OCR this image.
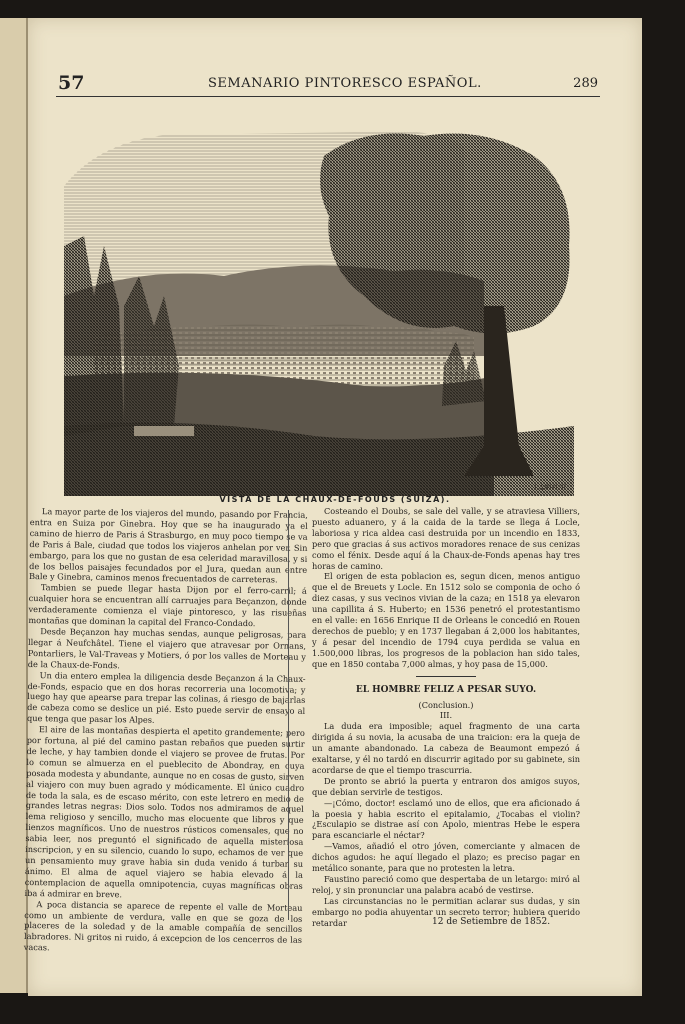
57	SEMANARIO PINTORESCO ESPAÑOL.	289
LARHUE
VISTA DE LA CHAUX-DE-FOUDS (SUIZA).

La mayor parte de los viajeros del mundo, pasando por Francia, entra en Suiza por Ginebra. Hoy que se ha inaugurado ya el camino de hierro de Paris á Strasburgo, en muy poco tiempo se va de Paris á Bale, ciudad que todos los viajeros anhelan por ver. Sin embargo, para los que no gustan de esa celeridad maravillosa, y si de los bellos paisajes fecundados por el Jura, quedan aun entre Bale y Ginebra, caminos menos frecuentados de carreteras.

Tambien se puede llegar hasta Dijon por el ferro-carril; á cualquier hora se encuentran allí carruajes para Beçanzon, donde verdaderamente comienza el viaje pintoresco, y las risueñas montañas que dominan la capital del Franco-Condado.

Desde Beçanzon hay muchas sendas, aunque peligrosas, para llegar á Neufchâtel. Tiene el viajero que atravesar por Ornans, Pontarliers, le Val-Traveas y Motiers, ó por los valles de Morteau y de la Chaux-de-Fonds.

Un dia entero emplea la diligencia desde Beçanzon á la Chaux-de-Fonds, espacio que en dos horas recorreria una locomotiva; y luego hay que apearse para trepar las colinas, á riesgo de bajarlas de cabeza como se deslice un pié. Esto puede servir de ensayo al que tenga que pasar los Alpes.

El aire de las montañas despierta el apetito grandemente; pero por fortuna, al pié del camino pastan rebaños que pueden surtir de leche, y hay tambien donde el viajero se provee de frutas. Por lo comun se almuerza en el pueblecito de Abondray, en cuya posada modesta y abundante, aunque no en cosas de gusto, sirven al viajero con muy buen agrado y módicamente. El único cuadro de toda la sala, es de escaso mérito, con este letrero en medio de grandes letras negras: Dios solo. Todos nos admiramos de aquel lema religioso y sencillo, mucho mas elocuente que libros y que lienzos magníficos. Uno de nuestros rústicos comensales, que no sabia leer, nos preguntó el significado de aquella misteriosa inscripcion, y en su silencio, cuando lo supo, echamos de ver que un pensamiento muy grave habia sin duda venido á turbar su ánimo. El alma de aquel viajero se habia elevado á la contemplacion de aquella omnipotencia, cuyas magníficas obras iba á admirar en breve.

A poca distancia se aparece de repente el valle de Morteau como un ambiente de verdura, valle en que se goza de los placeres de la soledad y de la amable compañía de sencillos labradores. Ni gritos ni ruido, á excepcion de los cencerros de las vacas.

Costeando el Doubs, se sale del valle, y se atraviesa Villiers, puesto aduanero, y á la caida de la tarde se llega á Locle, laboriosa y rica aldea casi destruida por un incendio en 1833, pero que gracias á sus activos moradores renace de sus cenizas como el fénix. Desde aquí á la Chaux-de-Fonds apenas hay tres horas de camino.

El origen de esta poblacion es, segun dicen, menos antiguo que el de Breuets y Locle. En 1512 solo se componia de ocho ó diez casas, y sus vecinos vivian de la caza; en 1518 ya elevaron una capillita á S. Huberto; en 1536 penetró el protestantismo en el valle: en 1656 Enrique II de Orleans le concedió en Rouen derechos de pueblo; y en 1737 llegaban á 2,000 los habitantes, y á pesar del incendio de 1794 cuya perdida se valua en 1.500,000 libras, los progresos de la poblacion han sido tales, que en 1850 contaba 7,000 almas, y hoy pasa de 15,000.

EL HOMBRE FELIZ A PESAR SUYO.

(Conclusion.)

III.

La duda era imposible; aquel fragmento de una carta dirigida á su novia, la acusaba de una traicion: era la queja de un amante abandonado. La cabeza de Beaumont empezó á exaltarse, y él no tardó en discurrir agitado por su gabinete, sin acordarse de que el tiempo trascurria.

De pronto se abrió la puerta y entraron dos amigos suyos, que debian servirle de testigos.

—¡Cómo, doctor! esclamó uno de ellos, que era aficionado á la poesia y habia escrito el epitalamio, ¿Tocabas el violin? ¿Esculapio se distrae así con Apolo, mientras Hebe le espera para escanciarle el néctar?

—Vamos, añadió el otro jóven, comerciante y almacen de dichos agudos: he aquí llegado el plazo; es preciso pagar en metálico sonante, para que no protesten la letra.

Faustino pareció como que despertaba de un letargo: miró al reloj, y sin pronunciar una palabra acabó de vestirse.

Las circunstancias no le permitian aclarar sus dudas, y sin embargo no podia ahuyentar un secreto terror; hubiera querido retardar	12 de Setiembre de 1852.
